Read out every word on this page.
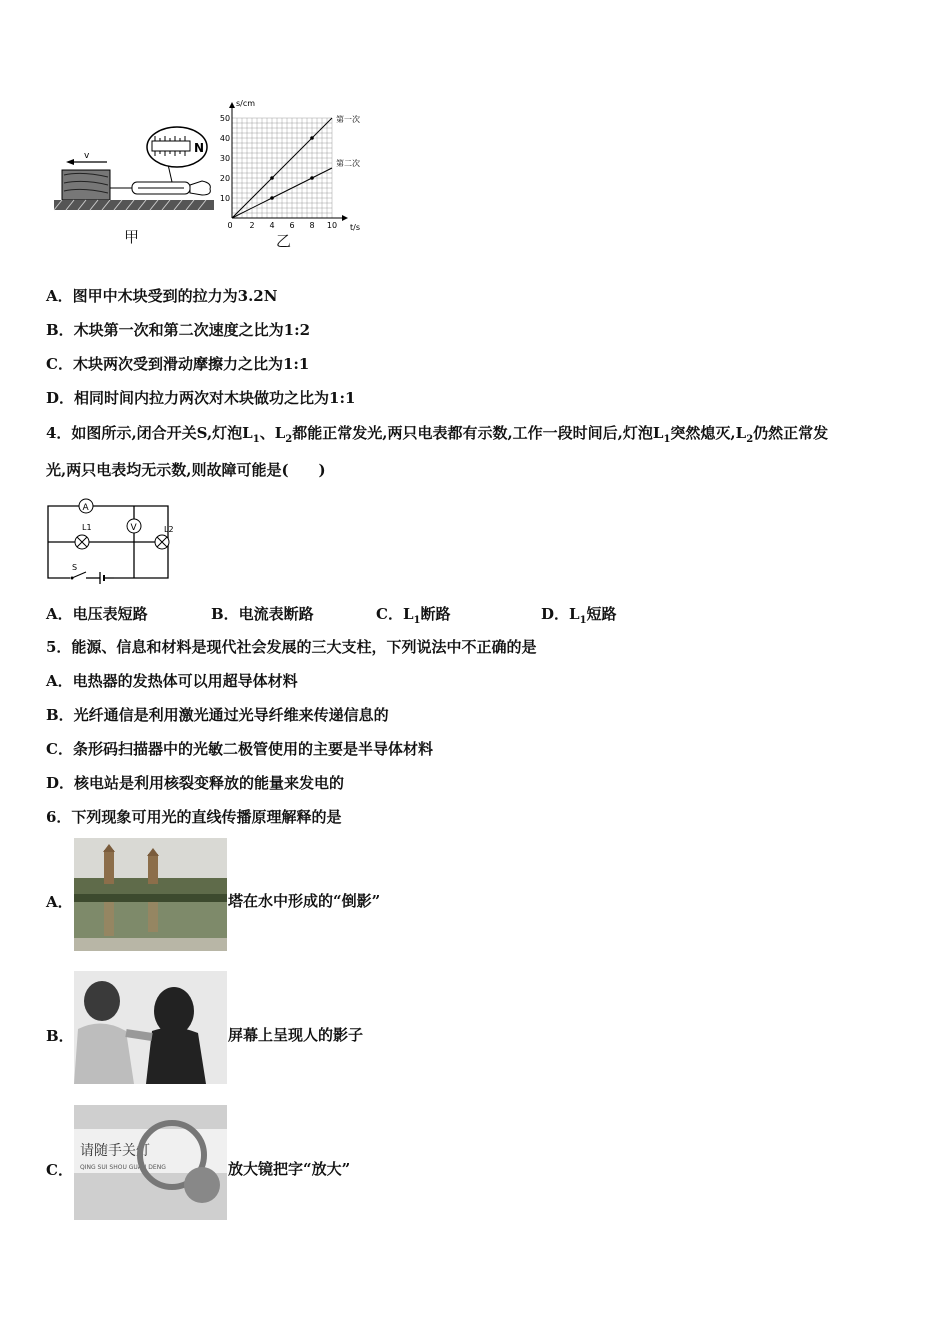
v
N
甲
s/cm
t/s
0
10
20
30
40
50
2 4 6 8 10
第一次
第二次
乙
A．图甲中木块受到的拉力为3.2N
B．木块第一次和第二次速度之比为1:2
C．木块两次受到滑动摩擦力之比为1:1
D．相同时间内拉力两次对木块做功之比为1:1
4．如图所示,闭合开关S,灯泡$L_1$、$L_2$都能正常发光,两只电表都有示数,工作一段时间后,灯泡$L_1$突然熄灭$,L_2$仍然正常发
光,两只电表均无示数,则故障可能是(　　)
A
V
L1	L2
S
A．电压表短路	B．电流表断路	C．$L_1$断路	D．$L_1$短路
5．能源、信息和材料是现代社会发展的三大支柱，下列说法中不正确的是
A．电热器的发热体可以用超导体材料
B．光纤通信是利用激光通过光导纤维来传递信息的
C．条形码扫描器中的光敏二极管使用的主要是半导体材料
D．核电站是利用核裂变释放的能量来发电的
6．下列现象可用光的直线传播原理解释的是
A．	塔在水中形成的“倒影”
B．	屏幕上呈现人的影子
请随手关灯
QING SUI SHOU GUAN DENG
C．	放大镜把字“放大”
